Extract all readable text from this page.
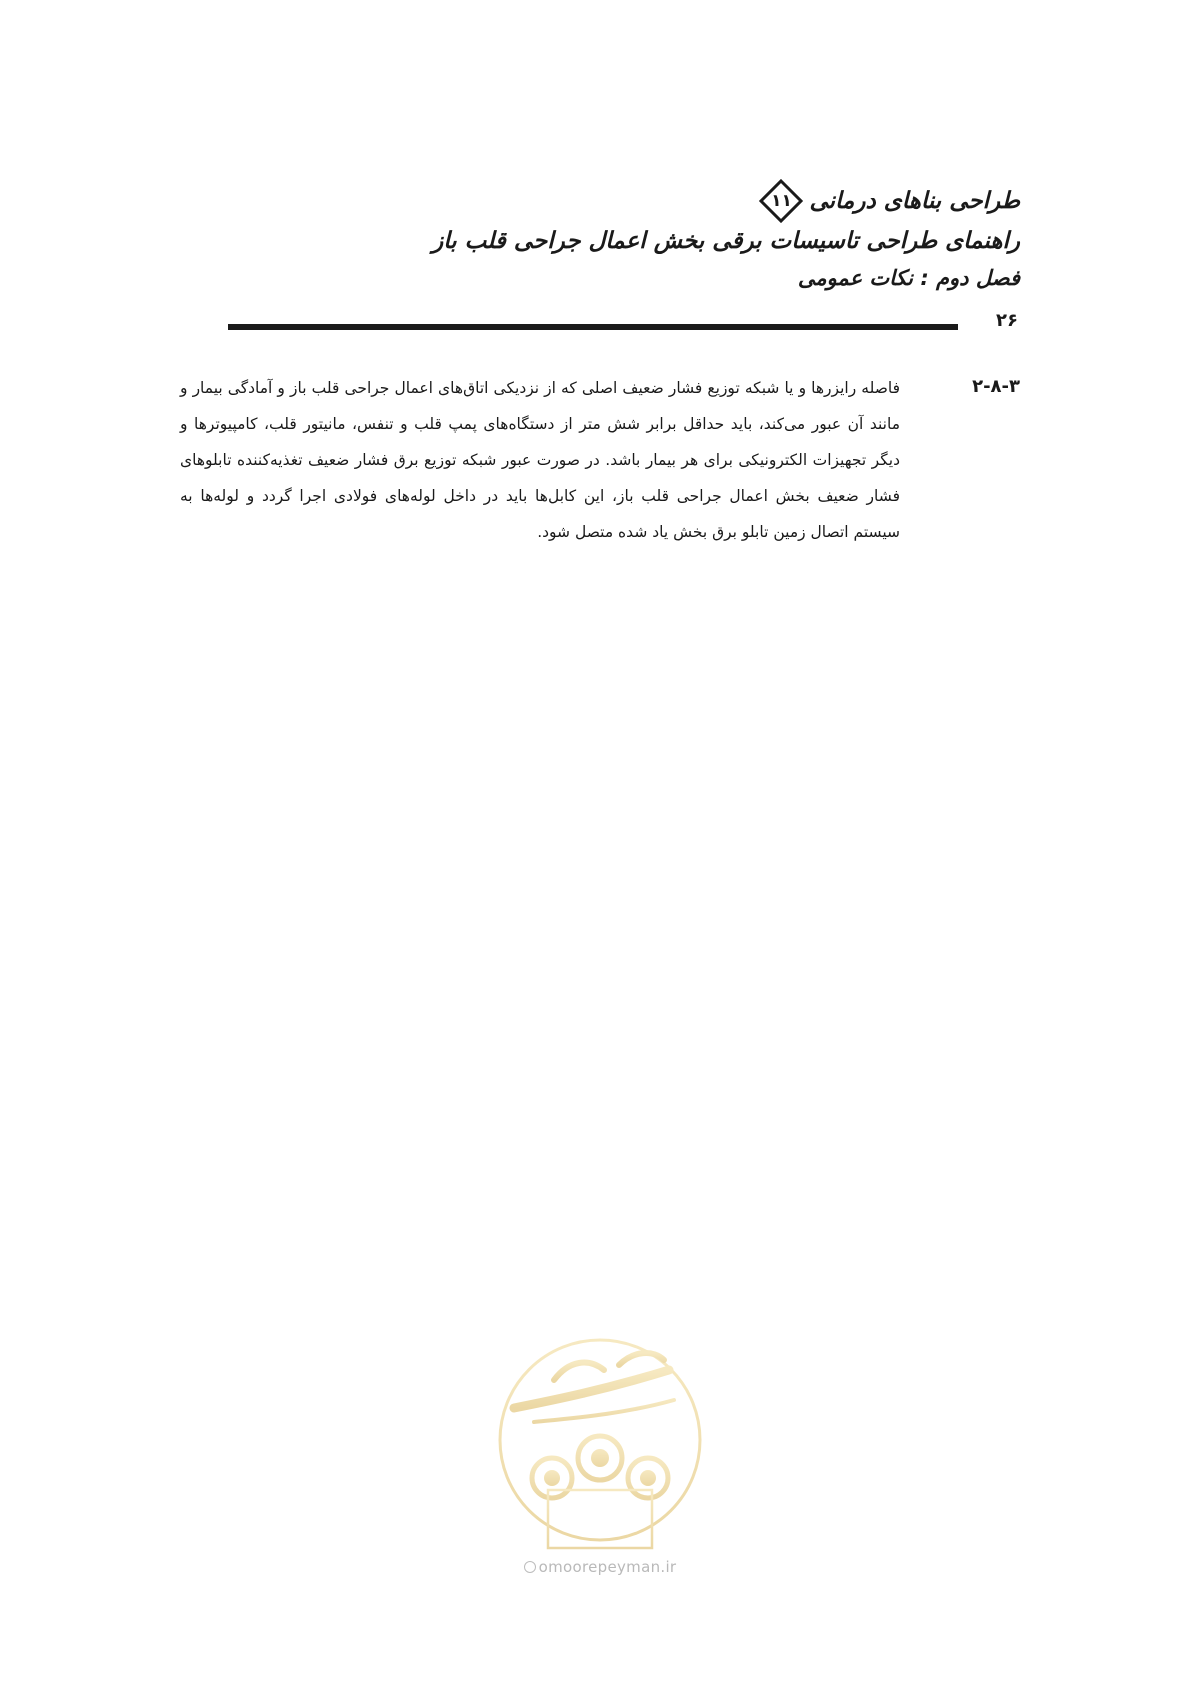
طراحی بناهای درمانی
۱۱
راهنمای طراحی تاسیسات برقی بخش اعمال جراحی قلب باز
فصل دوم : نکات عمومی
۲۶
۲-۸-۳
فاصله رایزرها و یا شبکه توزیع فشار ضعیف اصلی که از نزدیکی اتاق‌های اعمال جراحی قلب باز و آمادگی بیمار و مانند آن عبور می‌کند، باید حداقل برابر شش متر از دستگاه‌های پمپ قلب و تنفس، مانیتور قلب، کامپیوترها و دیگر تجهیزات الکترونیکی برای هر بیمار باشد. در صورت عبور شبکه توزیع برق فشار ضعیف تغذیه‌کننده تابلوهای فشار ضعیف بخش اعمال جراحی قلب باز، این کابل‌ها باید در داخل لوله‌های فولادی اجرا گردد و لوله‌ها به سیستم اتصال زمین تابلو برق بخش یاد شده متصل شود.
omoorepeyman.ir
